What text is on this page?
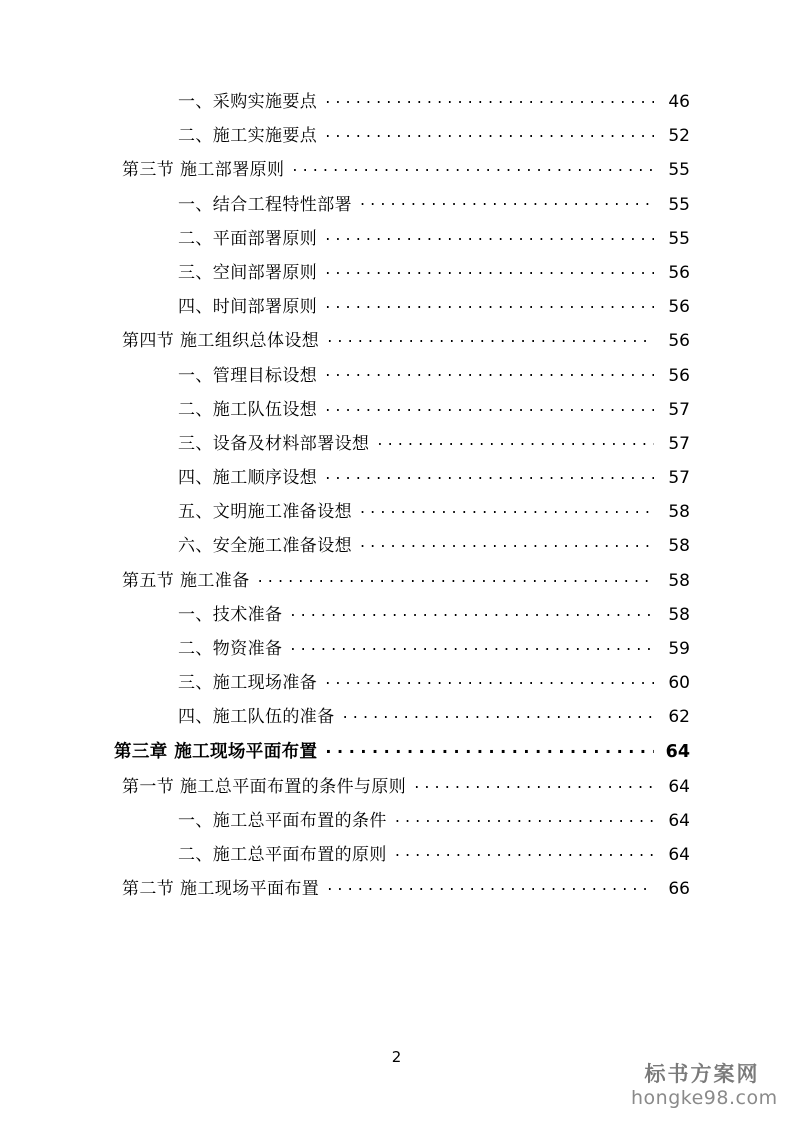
一、采购实施要点 . . .	46
二、施工实施要点 . . .	52
第三节 施工部署原则 . . .	55
一、结合工程特性部署 . . .	55
二、平面部署原则 . . .	55
三、空间部署原则 . . .	56
四、时间部署原则 . . .	56
第四节 施工组织总体设想 . . .	56
一、管理目标设想 . . .	56
二、施工队伍设想 . . .	57
三、设备及材料部署设想 . . .	57
四、施工顺序设想 . . .	57
五、文明施工准备设想 . . .	58
六、安全施工准备设想 . . .	58
第五节 施工准备 . . .	58
一、技术准备 . . .	58
二、物资准备 . . .	59
三、施工现场准备 . . .	60
四、施工队伍的准备 . . .	62
第三章 施工现场平面布置 . . .	64
第一节 施工总平面布置的条件与原则 . . .	64
一、施工总平面布置的条件 . . .	64
二、施工总平面布置的原则 . . .	64
第二节 施工现场平面布置 . . .	66
2
标书方案网
hongke98.com
